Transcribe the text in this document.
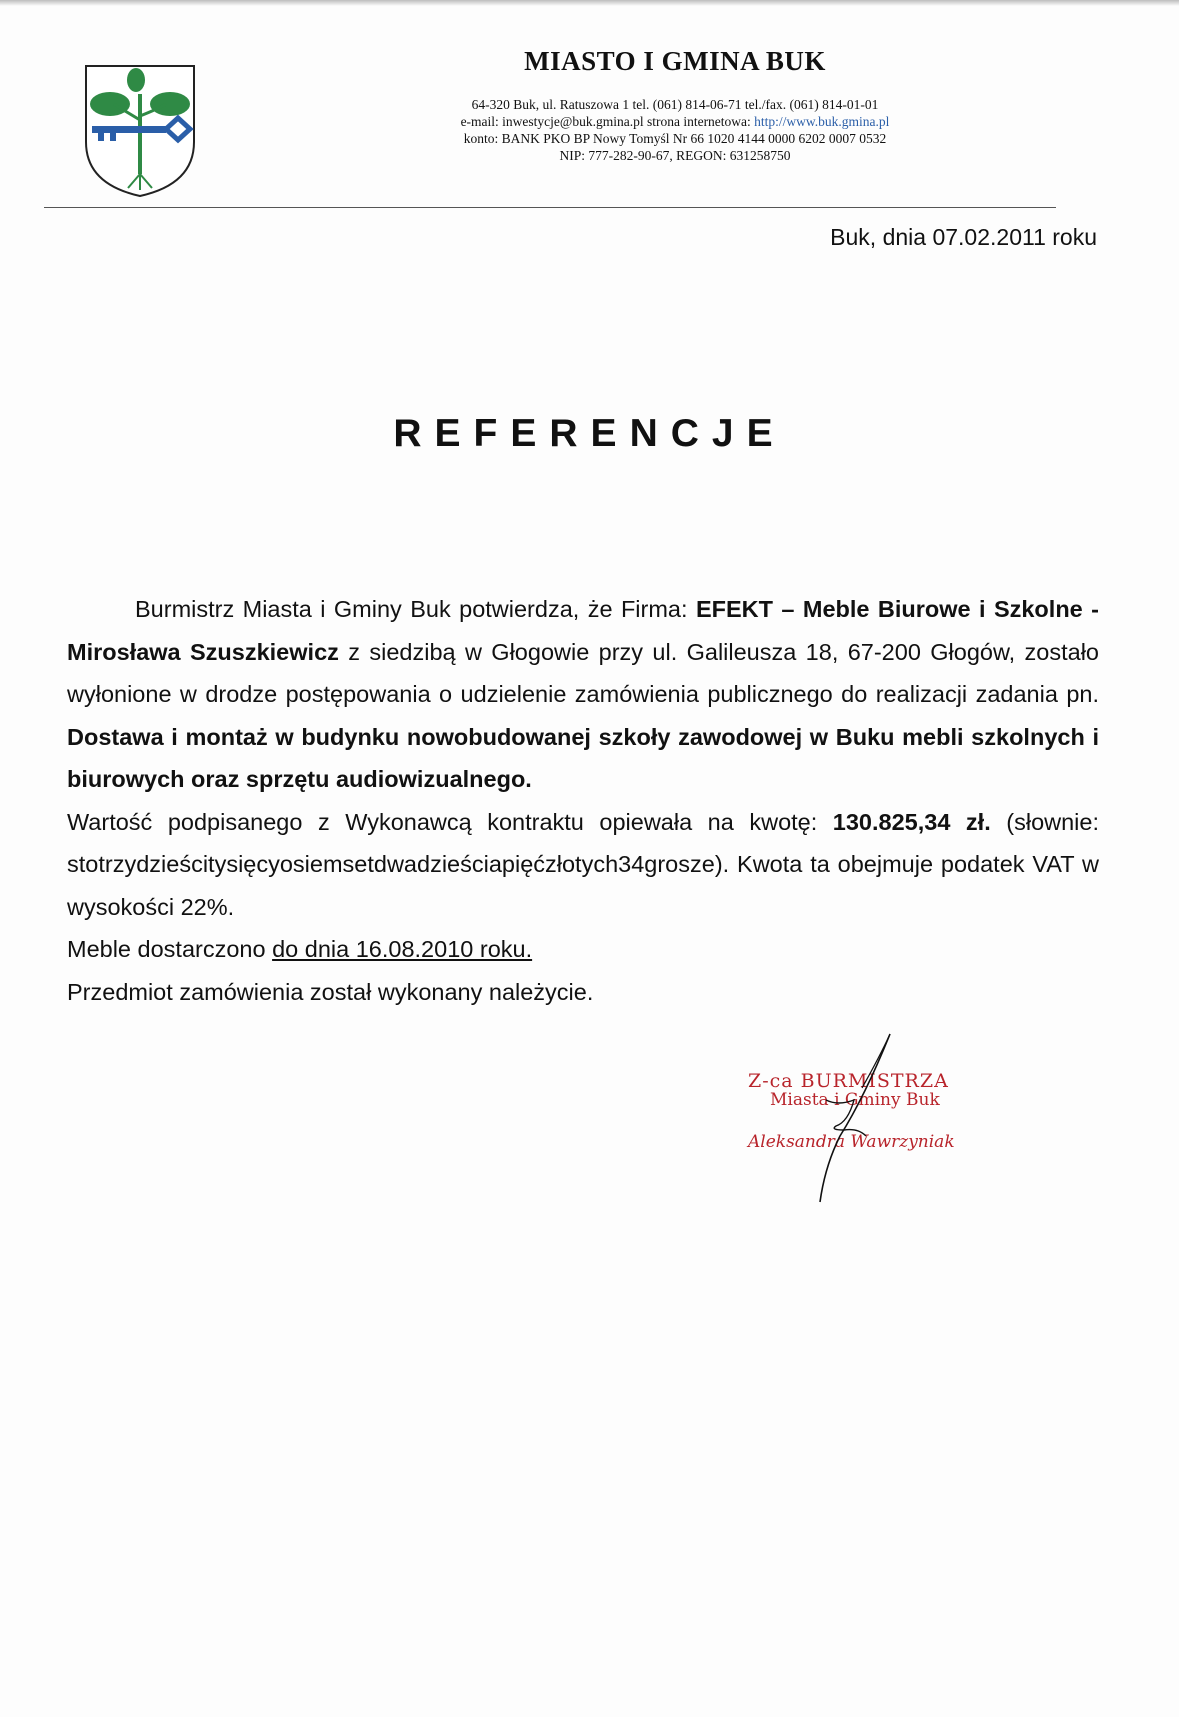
MIASTO I GMINA BUK
64-320 Buk, ul. Ratuszowa 1 tel. (061) 814-06-71 tel./fax. (061) 814-01-01
e-mail: inwestycje@buk.gmina.pl strona internetowa: http://www.buk.gmina.pl
konto: BANK PKO BP Nowy Tomyśl Nr 66 1020 4144 0000 6202 0007 0532
NIP: 777-282-90-67, REGON: 631258750
Buk, dnia 07.02.2011 roku
REFERENCJE
Burmistrz Miasta i Gminy Buk potwierdza, że Firma: EFEKT – Meble Biurowe i Szkolne - Mirosława Szuszkiewicz z siedzibą w Głogowie przy ul. Galileusza 18, 67-200 Głogów, zostało wyłonione w drodze postępowania o udzielenie zamówienia publicznego do realizacji zadania pn. Dostawa i montaż w budynku nowobudowanej szkoły zawodowej w Buku mebli szkolnych i biurowych oraz sprzętu audiowizualnego.
Wartość podpisanego z Wykonawcą kontraktu opiewała na kwotę: 130.825,34 zł. (słownie: stotrzydzieścitysięcyosiemsetdwadzieściapięćzłotych34grosze). Kwota ta obejmuje podatek VAT w wysokości 22%.
Meble dostarczono do dnia 16.08.2010 roku.
Przedmiot zamówienia został wykonany należycie.
Z-ca BURMISTRZA
Miasta i Gminy Buk
Aleksandra Wawrzyniak
